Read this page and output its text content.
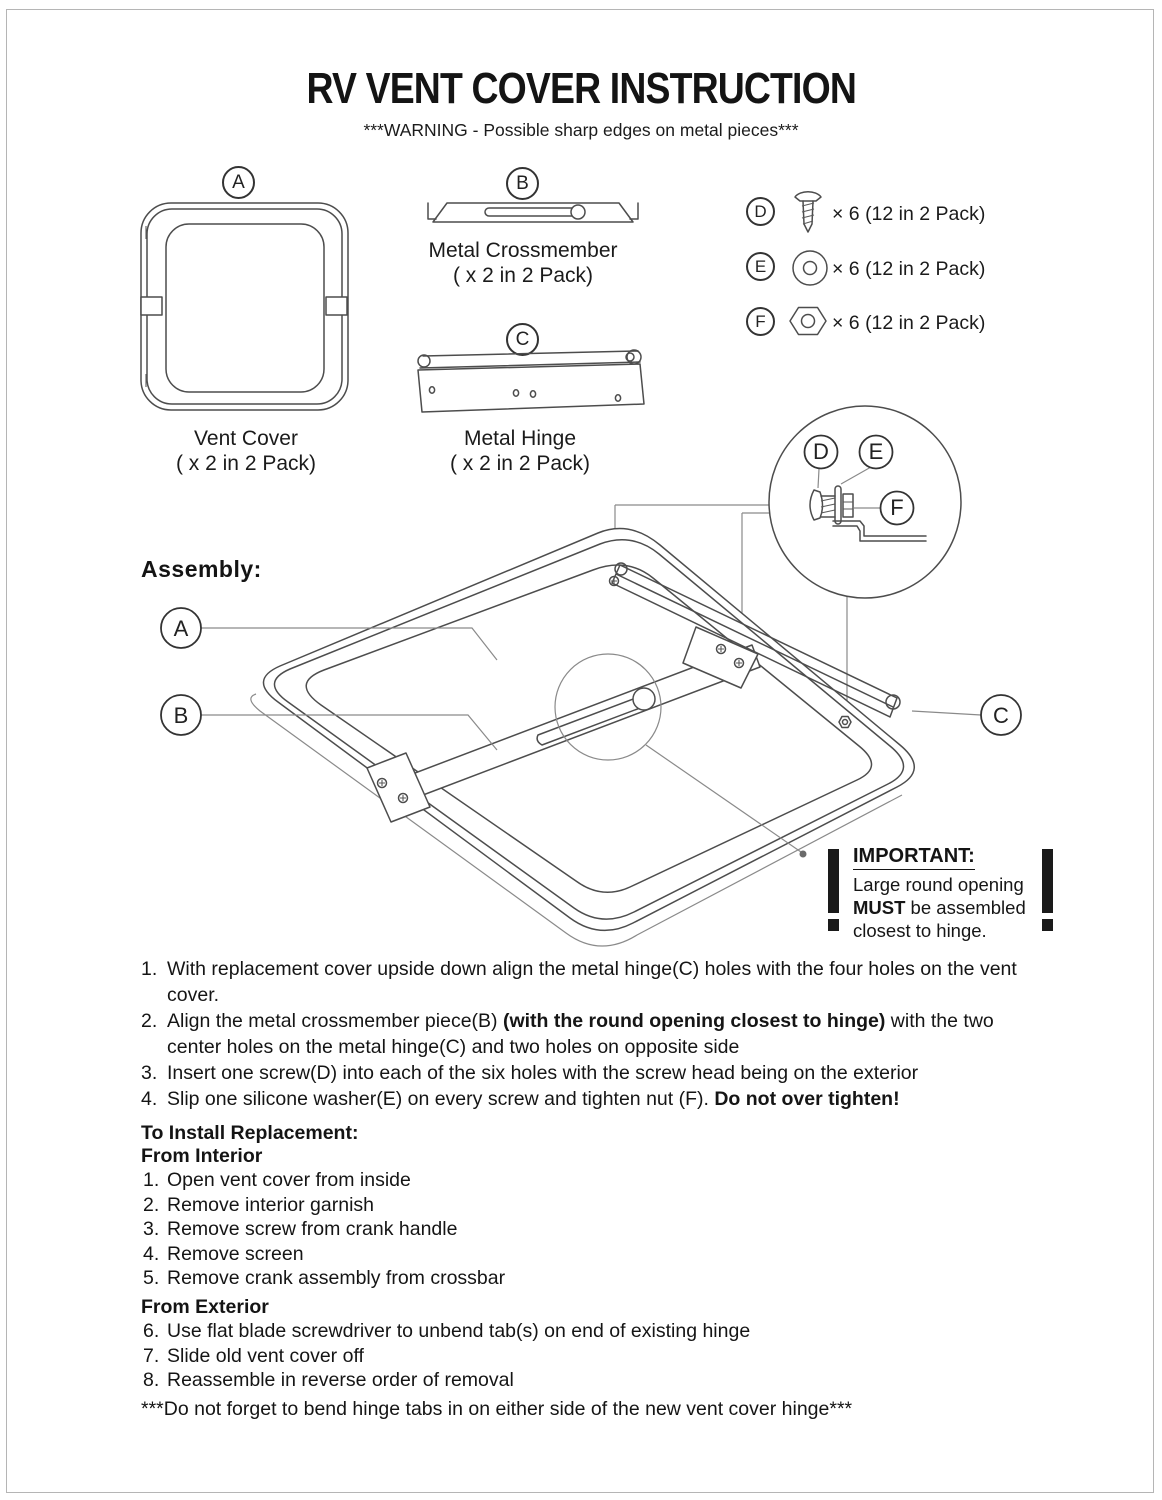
RV VENT COVER INSTRUCTION
***WARNING - Possible sharp edges on metal pieces***
A
Vent Cover
( x 2 in 2 Pack)
B
Metal Crossmember
( x 2 in 2 Pack)
C
Metal Hinge
( x 2 in 2 Pack)
D	× 6 (12 in 2 Pack)
E	× 6 (12 in 2 Pack)
F	× 6 (12 in 2 Pack)
Assembly:
D E
F
A
B	C
IMPORTANT:
Large round opening
MUST be assembled
closest to hinge.
1. With replacement cover upside down align the metal hinge(C) holes with the four holes on the vent cover.
2. Align the metal crossmember piece(B) (with the round opening closest to hinge) with the two center holes on the metal hinge(C) and two holes on opposite side
3. Insert one screw(D) into each of the six holes with the screw head being on the exterior
4. Slip one silicone washer(E) on every screw and tighten nut (F). Do not over tighten!
To Install Replacement:
From Interior
1. Open vent cover from inside
2. Remove interior garnish
3. Remove screw from crank handle
4. Remove screen
5. Remove crank assembly from crossbar
From Exterior
6. Use flat blade screwdriver to unbend tab(s) on end of existing hinge
7. Slide old vent cover off
8. Reassemble in reverse order of removal
***Do not forget to bend hinge tabs in on either side of the new vent cover hinge***
